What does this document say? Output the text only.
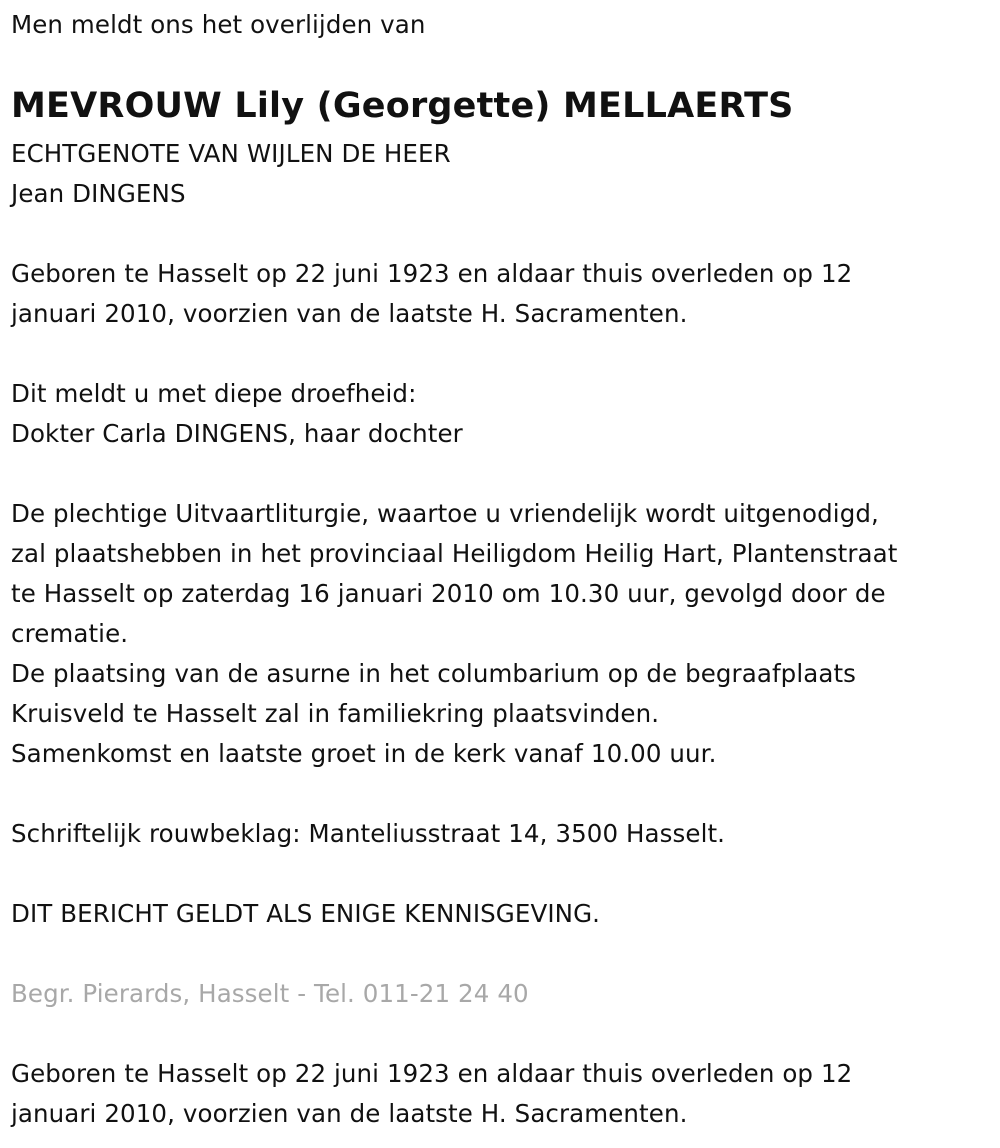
Men meldt ons het overlijden van
MEVROUW Lily (Georgette) MELLAERTS
ECHTGENOTE VAN WIJLEN DE HEER
Jean DINGENS
Geboren te Hasselt op 22 juni 1923 en aldaar thuis overleden op 12
januari 2010, voorzien van de laatste H. Sacramenten.
Dit meldt u met diepe droefheid:
Dokter Carla DINGENS, haar dochter
De plechtige Uitvaartliturgie, waartoe u vriendelijk wordt uitgenodigd,
zal plaatshebben in het provinciaal Heiligdom Heilig Hart, Plantenstraat
te Hasselt op zaterdag 16 januari 2010 om 10.30 uur, gevolgd door de
crematie.
De plaatsing van de asurne in het columbarium op de begraafplaats
Kruisveld te Hasselt zal in familiekring plaatsvinden.
Samenkomst en laatste groet in de kerk vanaf 10.00 uur.
Schriftelijk rouwbeklag: Manteliusstraat 14, 3500 Hasselt.
DIT BERICHT GELDT ALS ENIGE KENNISGEVING.
Begr. Pierards, Hasselt - Tel. 011-21 24 40
Geboren te Hasselt op 22 juni 1923 en aldaar thuis overleden op 12
januari 2010, voorzien van de laatste H. Sacramenten.
